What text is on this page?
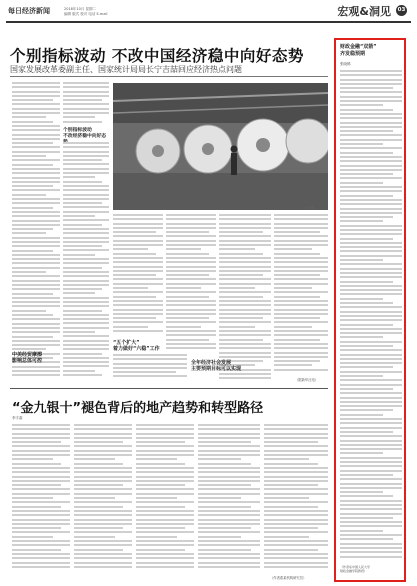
每日经济新闻	2018年10月 星期二
编辑 版式 校对 电话 E-mail	宏观&洞见	03
个别指标波动 不改中国经济稳中向好态势
国家发展改革委副主任、国家统计局局长宁吉喆回应经济热点问题
个别指标波动
不改经济稳中向好态
IC供图
“五个扩大”
着力做好“六稳”工作
全年经济社会发展
主要预期目标可以实现
中美经贸摩擦
影响总体可控
（据新华社电）
“金九银十”褪色背后的地产趋势和转型路径
李宇嘉
（作者系某机构研究员）
财政金融“双箭”
齐发稳预期
张晓鹤
（作者系中国人民大学
财政金融学院教授）
